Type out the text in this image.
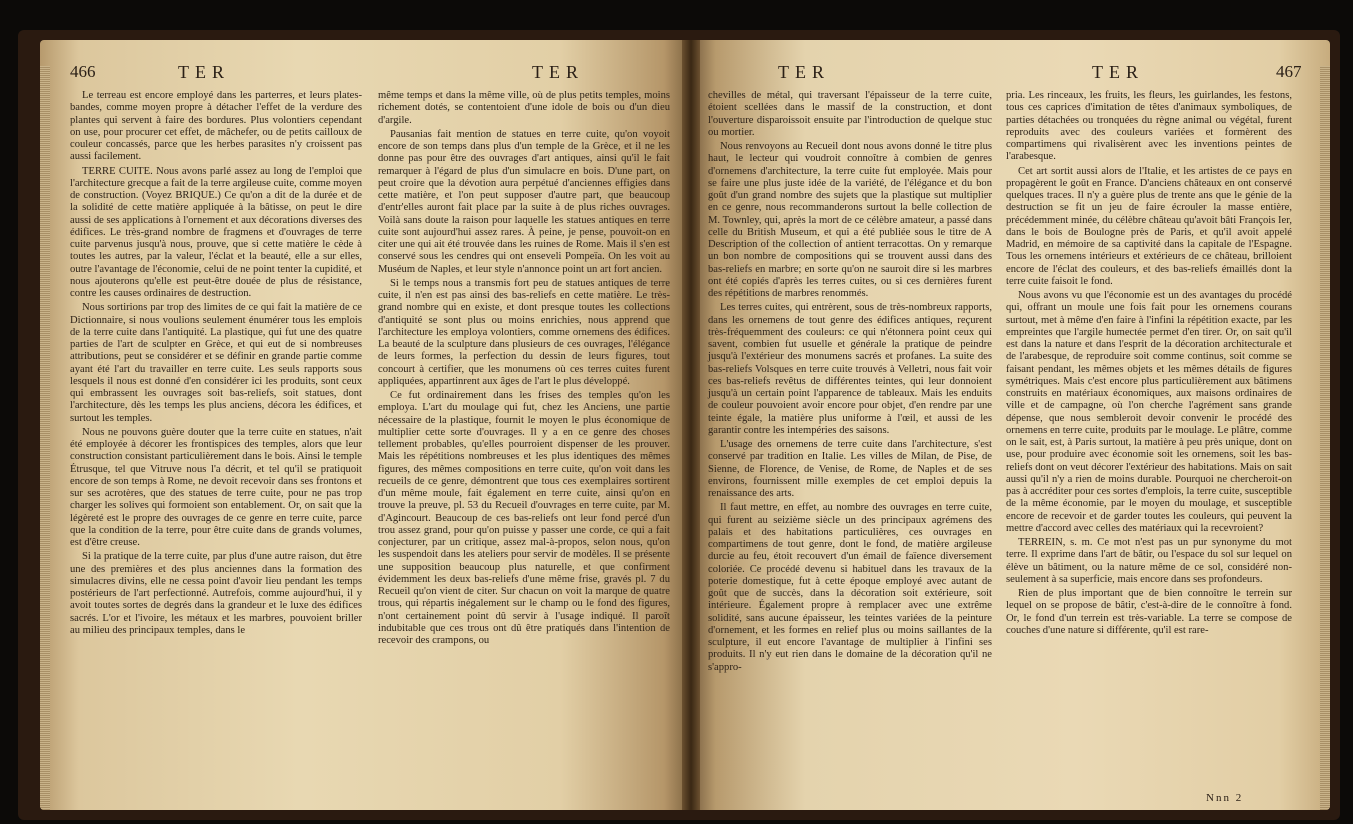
466	TER	TER

Le terreau est encore employé dans les parterres, et leurs plates-bandes, comme moyen propre à détacher l'effet de la verdure des plantes qui servent à faire des bordures. Plus volontiers cependant on use, pour procurer cet effet, de mâchefer, ou de petits cailloux de couleur concassés, parce que les herbes parasites n'y croissent pas aussi facilement.

TERRE CUITE. Nous avons parlé assez au long de l'emploi que l'architecture grecque a fait de la terre argileuse cuite, comme moyen de construction. (Voyez BRIQUE.) Ce qu'on a dit de la durée et de la solidité de cette matière appliquée à la bâtisse, on peut le dire aussi de ses applications à l'ornement et aux décorations diverses des édifices. Le très-grand nombre de fragmens et d'ouvrages de terre cuite parvenus jusqu'à nous, prouve, que si cette matière le cède à toutes les autres, par la valeur, l'éclat et la beauté, elle a sur elles, outre l'avantage de l'économie, celui de ne point tenter la cupidité, et nous ajouterons qu'elle est peut-être douée de plus de résistance, contre les causes ordinaires de destruction.

Nous sortirions par trop des limites de ce qui fait la matière de ce Dictionnaire, si nous voulions seulement énumérer tous les emplois de la terre cuite dans l'antiquité. La plastique, qui fut une des quatre parties de l'art de sculpter en Grèce, et qui eut de si nombreuses attributions, peut se considérer et se définir en grande partie comme ayant été l'art du travailler en terre cuite. Les seuls rapports sous lesquels il nous est donné d'en considérer ici les produits, sont ceux qui embrassent les ouvrages soit bas-reliefs, soit statues, dont l'architecture, dès les temps les plus anciens, décora les édifices, et surtout les temples.

Nous ne pouvons guère douter que la terre cuite en statues, n'ait été employée à décorer les frontispices des temples, alors que leur construction consistant particulièrement dans le bois. Ainsi le temple Étrusque, tel que Vitruve nous l'a décrit, et tel qu'il se pratiquoit encore de son temps à Rome, ne devoit recevoir dans ses frontons et sur ses acrotères, que des statues de terre cuite, pour ne pas trop charger les solives qui formoient son entablement. Or, on sait que la légèreté est le propre des ouvrages de ce genre en terre cuite, parce que la condition de la terre, pour être cuite dans de grands volumes, est d'être creuse.

Si la pratique de la terre cuite, par plus d'une autre raison, dut être une des premières et des plus anciennes dans la formation des simulacres divins, elle ne cessa point d'avoir lieu pendant les temps postérieurs de l'art perfectionné. Autrefois, comme aujourd'hui, il y avoit toutes sortes de degrés dans la grandeur et le luxe des édifices sacrés. L'or et l'ivoire, les métaux et les marbres, pouvoient briller au milieu des principaux temples, dans le

même temps et dans la même ville, où de plus petits temples, moins richement dotés, se contentoient d'une idole de bois ou d'un dieu d'argile.

Pausanias fait mention de statues en terre cuite, qu'on voyoit encore de son temps dans plus d'un temple de la Grèce, et il ne les donne pas pour être des ouvrages d'art antiques, ainsi qu'il le fait remarquer à l'égard de plus d'un simulacre en bois. D'une part, on peut croire que la dévotion aura perpétué d'anciennes effigies dans cette matière, et l'on peut supposer d'autre part, que beaucoup d'entr'elles auront fait place par la suite à de plus riches ouvrages. Voilà sans doute la raison pour laquelle les statues antiques en terre cuite sont aujourd'hui assez rares. À peine, je pense, pouvoit-on en citer une qui ait été trouvée dans les ruines de Rome. Mais il s'en est conservé sous les cendres qui ont enseveli Pompeïa. On les voit au Muséum de Naples, et leur style n'annonce point un art fort ancien.

Si le temps nous a transmis fort peu de statues antiques de terre cuite, il n'en est pas ainsi des bas-reliefs en cette matière. Le très-grand nombre qui en existe, et dont presque toutes les collections d'antiquité se sont plus ou moins enrichies, nous apprend que l'architecture les employa volontiers, comme ornemens des édifices. La beauté de la sculpture dans plusieurs de ces ouvrages, l'élégance de leurs formes, la perfection du dessin de leurs figures, tout concourt à certifier, que les monumens où ces terres cuites furent appliquées, appartinrent aux âges de l'art le plus développé.

Ce fut ordinairement dans les frises des temples qu'on les employa. L'art du moulage qui fut, chez les Anciens, une partie nécessaire de la plastique, fournit le moyen le plus économique de multiplier cette sorte d'ouvrages. Il y a en ce genre des choses tellement probables, qu'elles pourroient dispenser de les prouver. Mais les répétitions nombreuses et les plus identiques des mêmes figures, des mêmes compositions en terre cuite, qu'on voit dans les recueils de ce genre, démontrent que tous ces exemplaires sortirent d'un même moule, fait également en terre cuite, ainsi qu'on en trouve la preuve, pl. 53 du Recueil d'ouvrages en terre cuite, par M. d'Agincourt. Beaucoup de ces bas-reliefs ont leur fond percé d'un trou assez grand, pour qu'on puisse y passer une corde, ce qui a fait conjecturer, par un critique, assez mal-à-propos, selon nous, qu'on les suspendoit dans les ateliers pour servir de modèles. Il se présente une supposition beaucoup plus naturelle, et que confirment évidemment les deux bas-reliefs d'une même frise, gravés pl. 7 du Recueil qu'on vient de citer. Sur chacun on voit la marque de quatre trous, qui répartis inégalement sur le champ ou le fond des figures, n'ont certainement point dû servir à l'usage indiqué. Il paroît indubitable que ces trous ont dû être pratiqués dans l'intention de recevoir des crampons, ou

TER	TER	467

chevilles de métal, qui traversant l'épaisseur de la terre cuite, étoient scellées dans le massif de la construction, et dont l'ouverture disparoissoit ensuite par l'introduction de quelque stuc ou mortier.

Nous renvoyons au Recueil dont nous avons donné le titre plus haut, le lecteur qui voudroit connoître à combien de genres d'ornemens d'architecture, la terre cuite fut employée. Mais pour se faire une plus juste idée de la variété, de l'élégance et du bon goût d'un grand nombre des sujets que la plastique sut multiplier en ce genre, nous recommanderons surtout la belle collection de M. Townley, qui, après la mort de ce célèbre amateur, a passé dans celle du British Museum, et qui a été publiée sous le titre de A Description of the collection of antient terracottas. On y remarque un bon nombre de compositions qui se trouvent aussi dans des bas-reliefs en marbre; en sorte qu'on ne sauroit dire si les marbres ont été copiés d'après les terres cuites, ou si ces dernières furent des répétitions de marbres renommés.

Les terres cuites, qui entrèrent, sous de très-nombreux rapports, dans les ornemens de tout genre des édifices antiques, reçurent très-fréquemment des couleurs: ce qui n'étonnera point ceux qui savent, combien fut usuelle et générale la pratique de peindre jusqu'à l'extérieur des monumens sacrés et profanes. La suite des bas-reliefs Volsques en terre cuite trouvés à Velletri, nous fait voir ces bas-reliefs revêtus de différentes teintes, qui leur donnoient jusqu'à un certain point l'apparence de tableaux. Mais les enduits de couleur pouvoient avoir encore pour objet, d'en rendre par une teinte égale, la matière plus uniforme à l'œil, et aussi de les garantir contre les intempéries des saisons.

L'usage des ornemens de terre cuite dans l'architecture, s'est conservé par tradition en Italie. Les villes de Milan, de Pise, de Sienne, de Florence, de Venise, de Rome, de Naples et de ses environs, fournissent mille exemples de cet emploi depuis la renaissance des arts.

Il faut mettre, en effet, au nombre des ouvrages en terre cuite, qui furent au seizième siècle un des principaux agrémens des palais et des habitations particulières, ces ouvrages en compartimens de tout genre, dont le fond, de matière argileuse durcie au feu, étoit recouvert d'un émail de faïence diversement coloriée. Ce procédé devenu si habituel dans les travaux de la poterie domestique, fut à cette époque employé avec autant de goût que de succès, dans la décoration soit extérieure, soit intérieure. Également propre à remplacer avec une extrême solidité, sans aucune épaisseur, les teintes variées de la peinture d'ornement, et les formes en relief plus ou moins saillantes de la sculpture, il eut encore l'avantage de multiplier à l'infini ses produits. Il n'y eut rien dans le domaine de la décoration qu'il ne s'appro-

pria. Les rinceaux, les fruits, les fleurs, les guirlandes, les festons, tous ces caprices d'imitation de têtes d'animaux symboliques, de parties détachées ou tronquées du règne animal ou végétal, furent reproduits avec des couleurs variées et formèrent des compartimens qui rivalisèrent avec les inventions peintes de l'arabesque.

Cet art sortit aussi alors de l'Italie, et les artistes de ce pays en propagèrent le goût en France. D'anciens châteaux en ont conservé quelques traces. Il n'y a guère plus de trente ans que le génie de la destruction se fit un jeu de faire écrouler la masse entière, précédemment minée, du célèbre château qu'avoit bâti François Ier, dans le bois de Boulogne près de Paris, et qu'il avoit appelé Madrid, en mémoire de sa captivité dans la capitale de l'Espagne. Tous les ornemens intérieurs et extérieurs de ce château, brilloient encore de l'éclat des couleurs, et des bas-reliefs émaillés dont la terre cuite faisoit le fond.

Nous avons vu que l'économie est un des avantages du procédé qui, offrant un moule une fois fait pour les ornemens courans surtout, met à même d'en faire à l'infini la répétition exacte, par les empreintes que l'argile humectée permet d'en tirer. Or, on sait qu'il est dans la nature et dans l'esprit de la décoration architecturale et de l'arabesque, de reproduire soit comme continus, soit comme se faisant pendant, les mêmes objets et les mêmes détails de figures symétriques. Mais c'est encore plus particulièrement aux bâtimens construits en matériaux économiques, aux maisons ordinaires de ville et de campagne, où l'on cherche l'agrément sans grande dépense, que nous sembleroit devoir convenir le procédé des ornemens en terre cuite, produits par le moulage. Le plâtre, comme on le sait, est, à Paris surtout, la matière à peu près unique, dont on use, pour produire avec économie soit les ornemens, soit les bas-reliefs dont on veut décorer l'extérieur des habitations. Mais on sait aussi qu'il n'y a rien de moins durable. Pourquoi ne chercheroit-on pas à accréditer pour ces sortes d'emplois, la terre cuite, susceptible de la même économie, par le moyen du moulage, et susceptible encore de recevoir et de garder toutes les couleurs, qui peuvent la mettre d'accord avec celles des matériaux qui la recevroient?

TERREIN, s. m. Ce mot n'est pas un pur synonyme du mot terre. Il exprime dans l'art de bâtir, ou l'espace du sol sur lequel on élève un bâtiment, ou la nature même de ce sol, considéré non-seulement à sa superficie, mais encore dans ses profondeurs.

Rien de plus important que de bien connoître le terrein sur lequel on se propose de bâtir, c'est-à-dire de le connoître à fond. Or, le fond d'un terrein est très-variable. La terre se compose de couches d'une nature si différente, qu'il est rare-

Nnn 2
